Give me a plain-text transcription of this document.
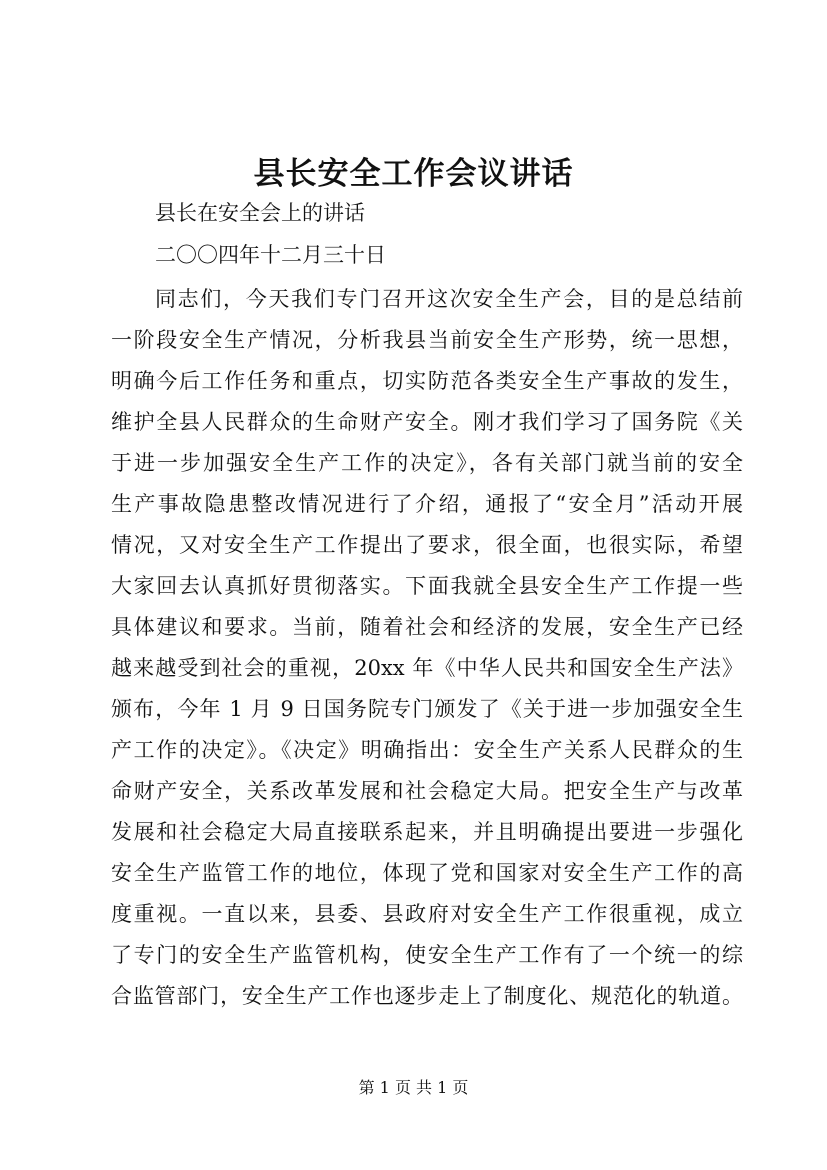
县长安全工作会议讲话
县长在安全会上的讲话
二〇〇四年十二月三十日
同志们，今天我们专门召开这次安全生产会，目的是总结前
一阶段安全生产情况，分析我县当前安全生产形势，统一思想，
明确今后工作任务和重点，切实防范各类安全生产事故的发生，
维护全县人民群众的生命财产安全。刚才我们学习了国务院《关
于进一步加强安全生产工作的决定》，各有关部门就当前的安全
生产事故隐患整改情况进行了介绍，通报了“安全月”活动开展
情况，又对安全生产工作提出了要求，很全面，也很实际，希望
大家回去认真抓好贯彻落实。下面我就全县安全生产工作提一些
具体建议和要求。当前，随着社会和经济的发展，安全生产已经
越来越受到社会的重视，20xx 年《中华人民共和国安全生产法》
颁布，今年 1 月 9 日国务院专门颁发了《关于进一步加强安全生
产工作的决定》。《决定》明确指出：安全生产关系人民群众的生
命财产安全，关系改革发展和社会稳定大局。把安全生产与改革
发展和社会稳定大局直接联系起来，并且明确提出要进一步强化
安全生产监管工作的地位，体现了党和国家对安全生产工作的高
度重视。一直以来，县委、县政府对安全生产工作很重视，成立
了专门的安全生产监管机构，使安全生产工作有了一个统一的综
合监管部门，安全生产工作也逐步走上了制度化、规范化的轨道。
第 1 页 共 1 页
